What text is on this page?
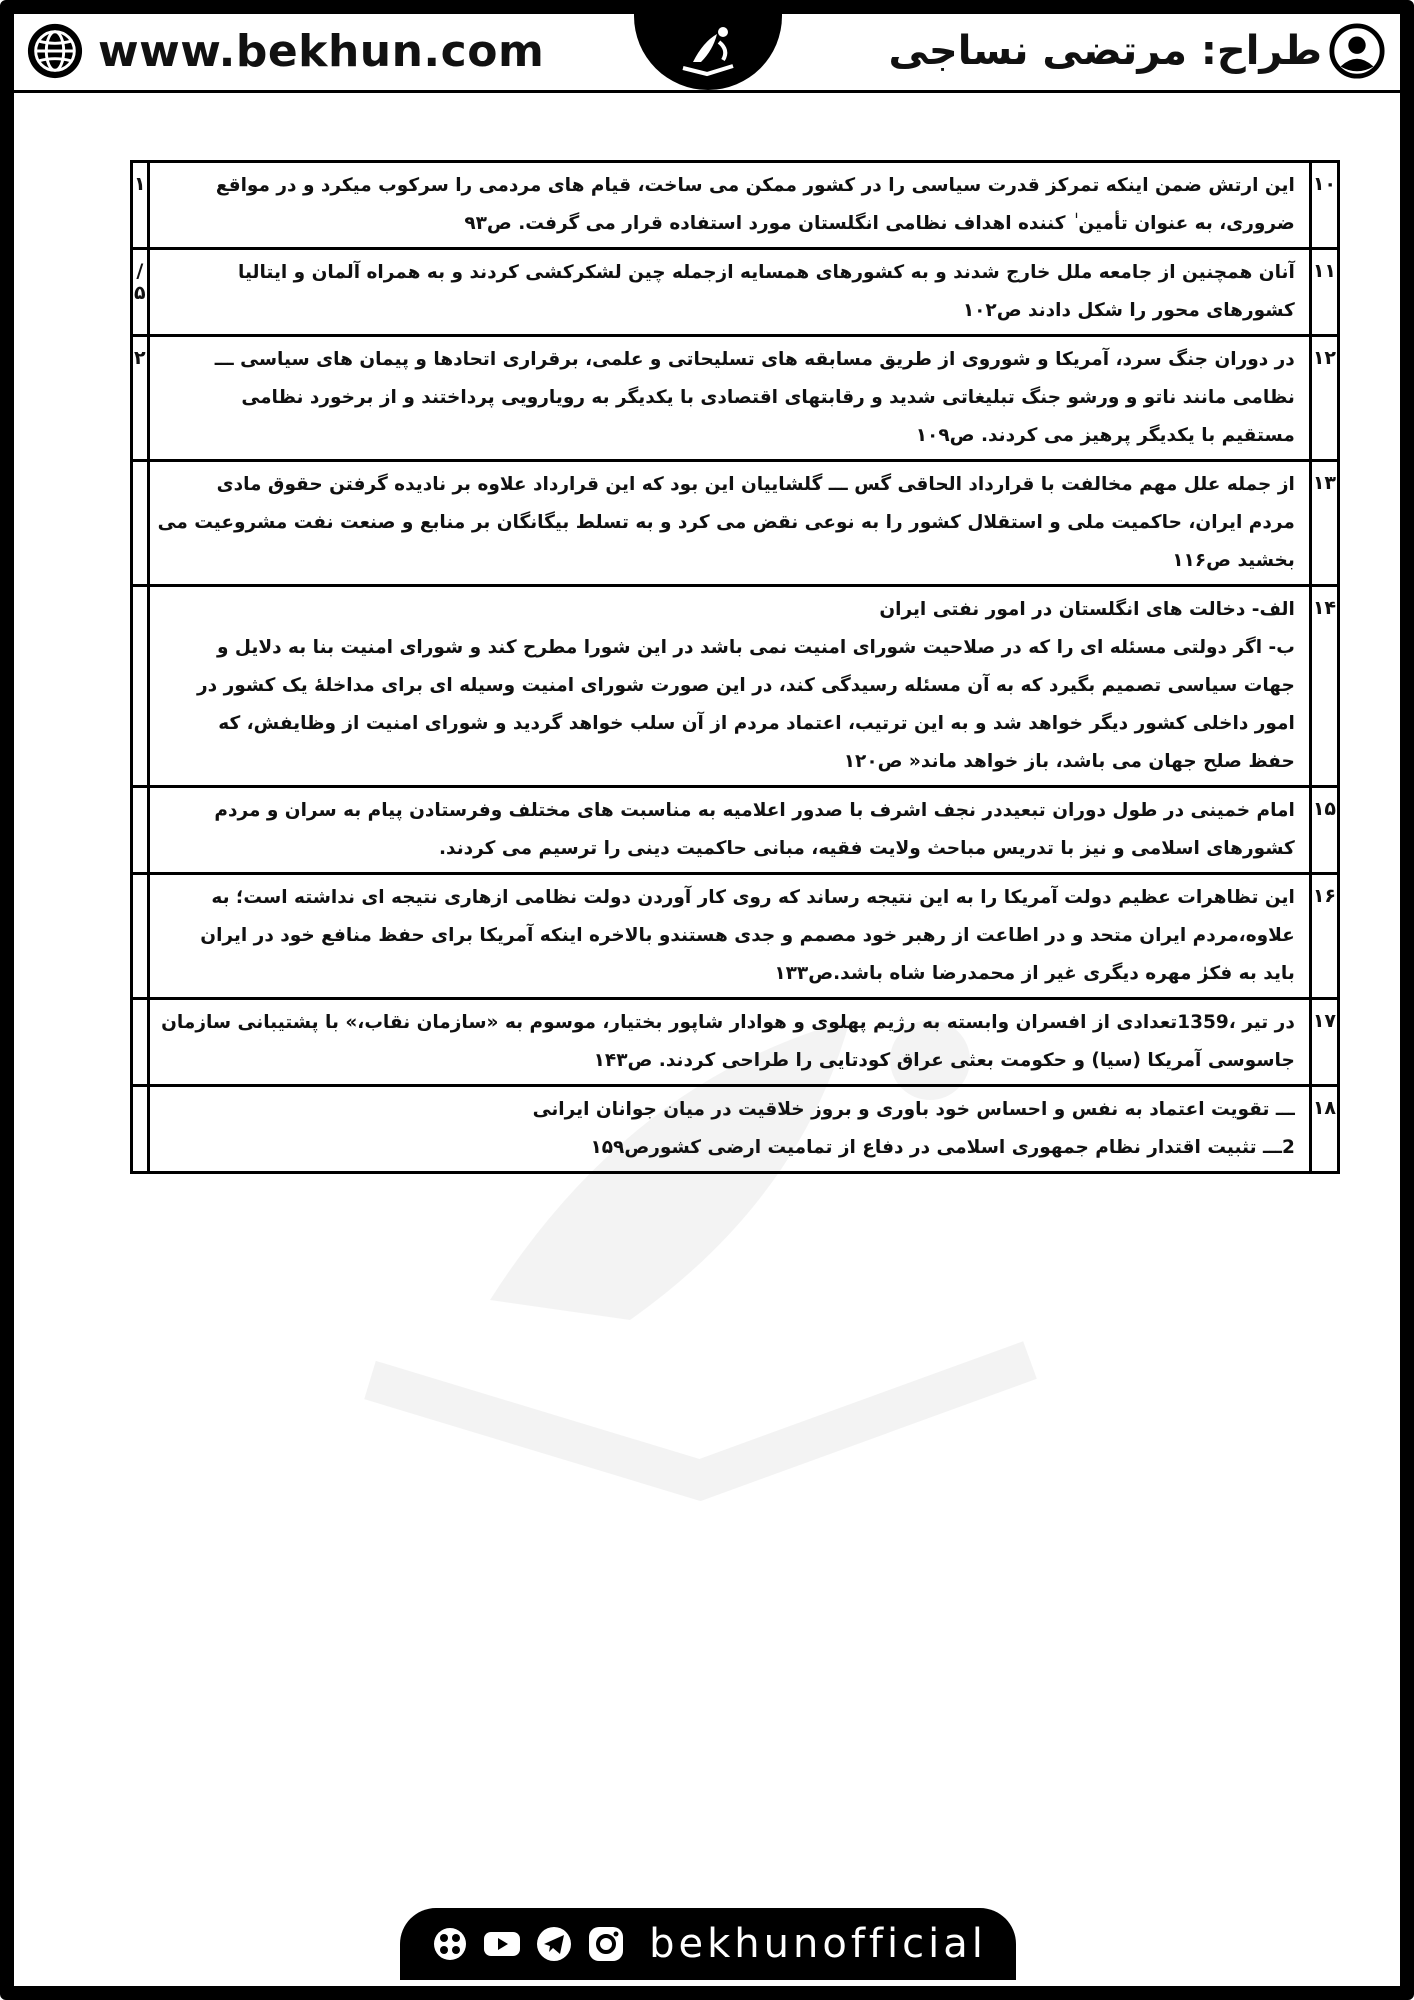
www.bekhun.com	طراح: مرتضی نساجی
۱۰	این ارتش ضمن اینکه تمرکز قدرت سیاسی را در کشور ممکن می ساخت، قیام های مردمی را سرکوب میکرد و در مواقع
ضروری، به عنوان تأمین ٰ کننده اهداف نظامی انگلستان مورد استفاده قرار می گرفت. ص۹۳	۱
۱۱	آنان همچنین از جامعه ملل خارج شدند و به کشورهای همسایه ازجمله چین لشکرکشی کردند و به همراه آلمان و ایتالیا
کشورهای محور را شکل دادند ص۱۰۲	/۵
۱۲	در دوران جنگ سرد، آمریکا و شوروی از طریق مسابقه های تسلیحاتی و علمی، برقراری اتحادها و پیمان های سیاسی ـــ
نظامی مانند ناتو و ورشو جنگ تبلیغاتی شدید و رقابتهای اقتصادی با یکدیگر به رویارویی پرداختند و از برخورد نظامی
مستقیم با یکدیگر پرهیز می کردند. ص۱۰۹	۲
۱۳	از جمله علل مهم مخالفت با قرارداد الحاقی گس ـــ گلشاییان این بود که این قرارداد علاوه بر نادیده گرفتن حقوق مادی
مردم ایران، حاکمیت ملی و استقلال کشور را به نوعی نقض می کرد و به تسلط بیگانگان بر منابع و صنعت نفت مشروعیت می
بخشید ص۱۱۶	

۱۴	الف- دخالت های انگلستان در امور نفتی ایران
ب- اگر دولتی مسئله ای را که در صلاحیت شورای امنیت نمی باشد در این شورا مطرح کند و شورای امنیت بنا به دلایل و
جهات سیاسی تصمیم بگیرد که به آن مسئله رسیدگی کند، در این صورت شورای امنیت وسیله ای برای مداخلۀ یک کشور در
امور داخلی کشور دیگر خواهد شد و به این ترتیب، اعتماد مردم از آن سلب خواهد گردید و شورای امنیت از وظایفش، که
حفظ صلح جهان می باشد، باز خواهد ماند« ص۱۲۰	

۱۵	امام خمینی در طول دوران تبعیددر نجف اشرف با صدور اعلامیه به مناسبت های مختلف وفرستادن پیام به سران و مردم
کشورهای اسلامی و نیز با تدریس مباحث ولایت فقیه، مبانی حاکمیت دینی را ترسیم می کردند.	

۱۶	این تظاهرات عظیم دولت آمریکا را به این نتیجه رساند که روی کار آوردن دولت نظامی ازهاری نتیجه ای نداشته است؛ به
علاوه،مردم ایران متحد و در اطاعت از رهبر خود مصمم و جدی هستندو بالاخره اینکه آمریکا برای حفظ منافع خود در ایران
باید به فکرٰ مهره دیگری غیر از محمدرضا شاه باشد.ص۱۳۳	

۱۷	در تیر ،1359تعدادی از افسران وابسته به رژیم پهلوی و هوادار شاپور بختیار، موسوم به «سازمان نقاب،» با پشتیبانی سازمان
جاسوسی آمریکا (سیا) و حکومت بعثی عراق کودتایی را طراحی کردند. ص۱۴۳	

۱۸	ـــ تقویت اعتماد به نفس و احساس خود باوری و بروز خلاقیت در میان جوانان ایرانی
2ـــ تثبیت اقتدار نظام جمهوری اسلامی در دفاع از تمامیت ارضی کشورص۱۵۹	

bekhunofficial
